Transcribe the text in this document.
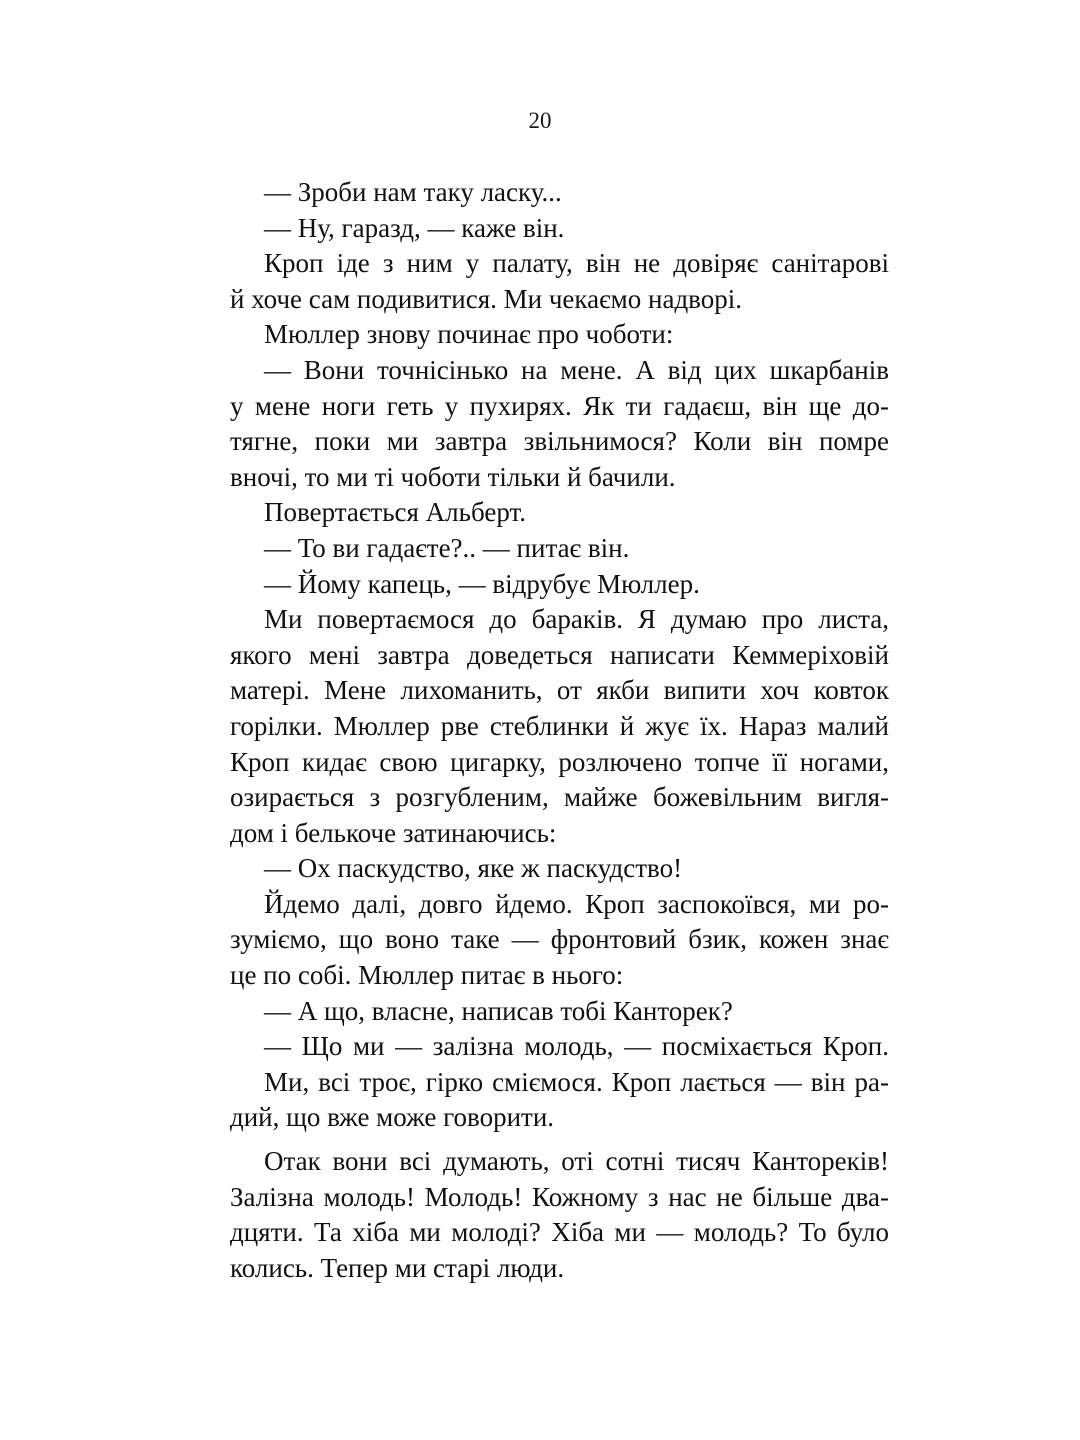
20
— Зроби нам таку ласку...
— Ну, гаразд, — каже він.
Кроп іде з ним у палату, він не довіряє санітарові
й хоче сам подивитися. Ми чекаємо надворі.
Мюллер знову починає про чоботи:
— Вони точнісінько на мене. А від цих шкарбанів
у мене ноги геть у пухирях. Як ти гадаєш, він ще до-
тягне, поки ми завтра звільнимося? Коли він помре
вночі, то ми ті чоботи тільки й бачили.
Повертається Альберт.
— То ви гадаєте?.. — питає він.
— Йому капець, — відрубує Мюллер.
Ми повертаємося до бараків. Я думаю про листа,
якого мені завтра доведеться написати Кеммеріховій
матері. Мене лихоманить, от якби випити хоч ковток
горілки. Мюллер рве стеблинки й жує їх. Нараз малий
Кроп кидає свою цигарку, розлючено топче її ногами,
озирається з розгубленим, майже божевільним вигля-
дом і белькоче затинаючись:
— Ох паскудство, яке ж паскудство!
Йдемо далі, довго йдемо. Кроп заспокоївся, ми ро-
зуміємо, що воно таке — фронтовий бзик, кожен знає
це по собі. Мюллер питає в нього:
— А що, власне, написав тобі Канторек?
— Що ми — залізна молодь, — посміхається Кроп.
Ми, всі троє, гірко сміємося. Кроп лається — він ра-
дий, що вже може говорити.
Отак вони всі думають, оті сотні тисяч Кантореків!
Залізна молодь! Молодь! Кожному з нас не більше два-
дцяти. Та хіба ми молоді? Хіба ми — молодь? То було
колись. Тепер ми старі люди.
